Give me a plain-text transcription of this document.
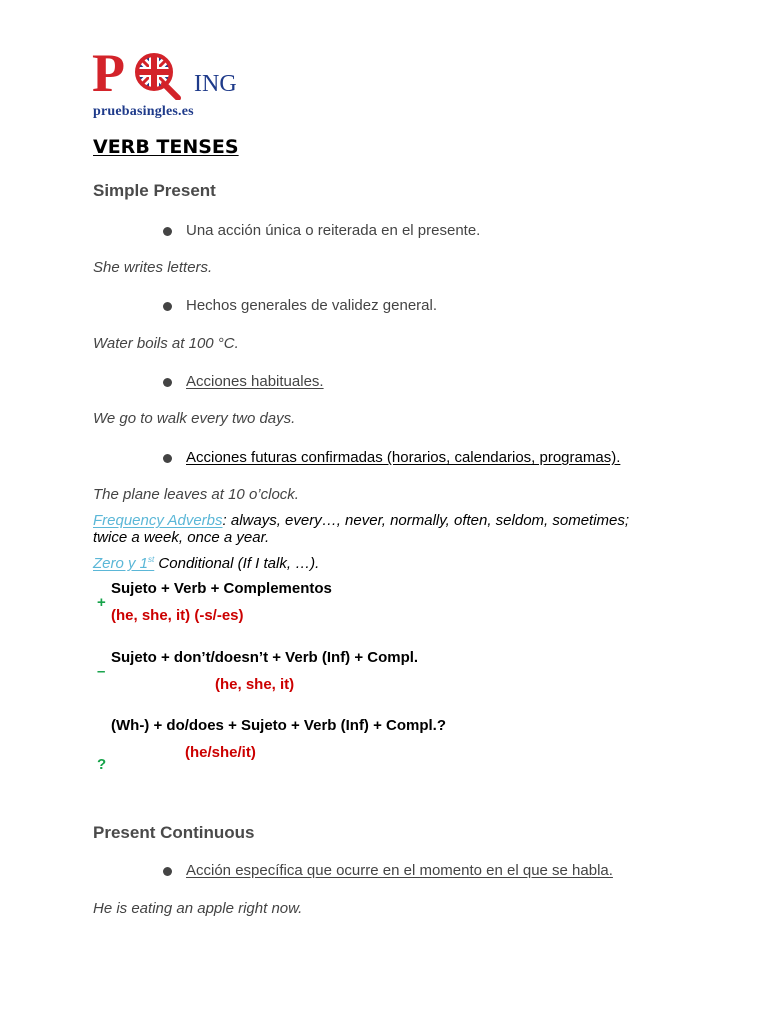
P	ING
pruebasingles.es
VERB TENSES
Simple Present
Una acción única o reiterada en el presente.
She writes letters.
Hechos generales de validez general.
Water boils at 100 °C.
Acciones habituales.
We go to walk every two days.
Acciones futuras confirmadas (horarios, calendarios, programas).
The plane leaves at 10 o’clock.
Frequency Adverbs: always, every…, never, normally, often, seldom, sometimes; twice a week, once a year.
Zero y 1st Conditional (If I talk, …).
Sujeto + Verb + Complementos
+
(he, she, it) (-s/-es)
Sujeto + don’t/doesn’t + Verb (Inf) + Compl.
–
(he, she, it)
(Wh-) + do/does + Sujeto + Verb (Inf) + Compl.?
(he/she/it)
?
Present Continuous
Acción específica que ocurre en el momento en el que se habla.
He is eating an apple right now.
